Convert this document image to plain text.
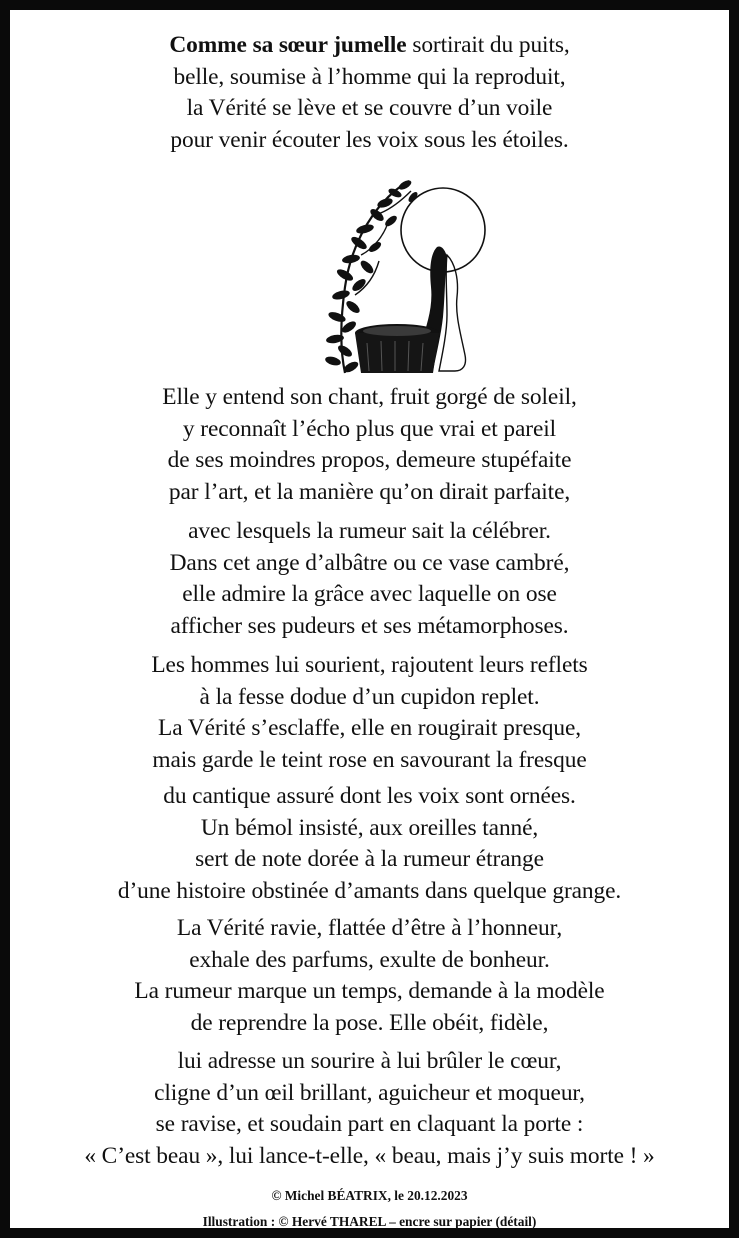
Comme sa sœur jumelle sortirait du puits,
belle, soumise à l’homme qui la reproduit,
la Vérité se lève et se couvre d’un voile
pour venir écouter les voix sous les étoiles.
Elle y entend son chant, fruit gorgé de soleil,
y reconnaît l’écho plus que vrai et pareil
de ses moindres propos, demeure stupéfaite
par l’art, et la manière qu’on dirait parfaite,
avec lesquels la rumeur sait la célébrer.
Dans cet ange d’albâtre ou ce vase cambré,
elle admire la grâce avec laquelle on ose
afficher ses pudeurs et ses métamorphoses.
Les hommes lui sourient, rajoutent leurs reflets
à la fesse dodue d’un cupidon replet.
La Vérité s’esclaffe, elle en rougirait presque,
mais garde le teint rose en savourant la fresque
du cantique assuré dont les voix sont ornées.
Un bémol insisté, aux oreilles tanné,
sert de note dorée à la rumeur étrange
d’une histoire obstinée d’amants dans quelque grange.
La Vérité ravie, flattée d’être à l’honneur,
exhale des parfums, exulte de bonheur.
La rumeur marque un temps, demande à la modèle
de reprendre la pose. Elle obéit, fidèle,
lui adresse un sourire à lui brûler le cœur,
cligne d’un œil brillant, aguicheur et moqueur,
se ravise, et soudain part en claquant la porte :
« C’est beau », lui lance-t-elle, « beau, mais j’y suis morte ! »
© Michel BÉATRIX, le 20.12.2023
Illustration : © Hervé THAREL – encre sur papier (détail)
